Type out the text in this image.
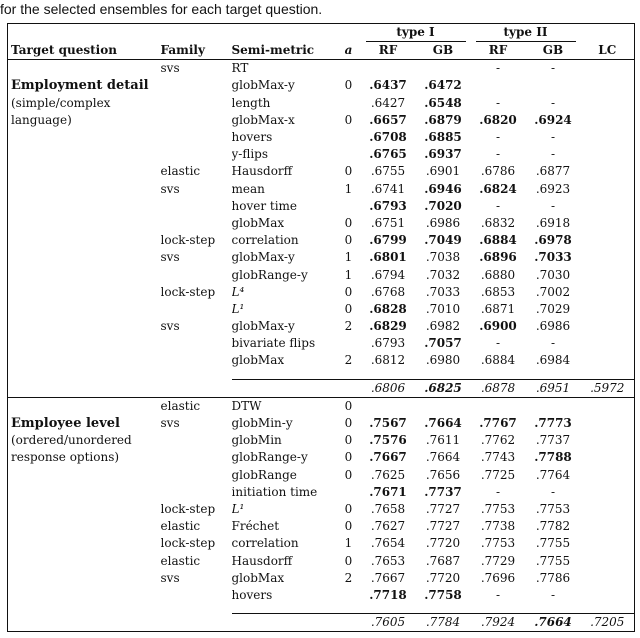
for the selected ensembles for each target question.
				type I		type II		
Target question	Family	Semi-metric	a	RF	GB	RF	GB	LC
	svs	RT				-	-	
Employment detail		globMax-y	0	.6437	.6472			
(simple/complex		length		.6427	.6548	-	-	
language)		globMax-x	0	.6657	.6879	.6820	.6924	
		hovers		.6708	.6885	-	-	
		y-flips		.6765	.6937	-	-	
	elastic	Hausdorff	0	.6755	.6901	.6786	.6877	
	svs	mean	1	.6741	.6946	.6824	.6923	
		hover time		.6793	.7020	-	-	
		globMax	0	.6751	.6986	.6832	.6918	
	lock-step	correlation	0	.6799	.7049	.6884	.6978	
	svs	globMax-y	1	.6801	.7038	.6896	.7033	
		globRange-y	1	.6794	.7032	.6880	.7030	
	lock-step	L⁴	0	.6768	.7033	.6853	.7002	
		L¹	0	.6828	.7010	.6871	.7029	
	svs	globMax-y	2	.6829	.6982	.6900	.6986	
		bivariate flips		.6793	.7057	-	-	
		globMax	2	.6812	.6980	.6884	.6984	

				.6806	.6825	.6878	.6951	.5972
	elastic	DTW	0					
Employee level	svs	globMin-y	0	.7567	.7664	.7767	.7773	
(ordered/unordered		globMin	0	.7576	.7611	.7762	.7737	
response options)		globRange-y	0	.7667	.7664	.7743	.7788	
		globRange	0	.7625	.7656	.7725	.7764	
		initiation time		.7671	.7737	-	-	
	lock-step	L¹	0	.7658	.7727	.7753	.7753	
	elastic	Fréchet	0	.7627	.7727	.7738	.7782	
	lock-step	correlation	1	.7654	.7720	.7753	.7755	
	elastic	Hausdorff	0	.7653	.7687	.7729	.7755	
	svs	globMax	2	.7667	.7720	.7696	.7786	
		hovers		.7718	.7758	-	-	

				.7605	.7784	.7924	.7664	.7205
